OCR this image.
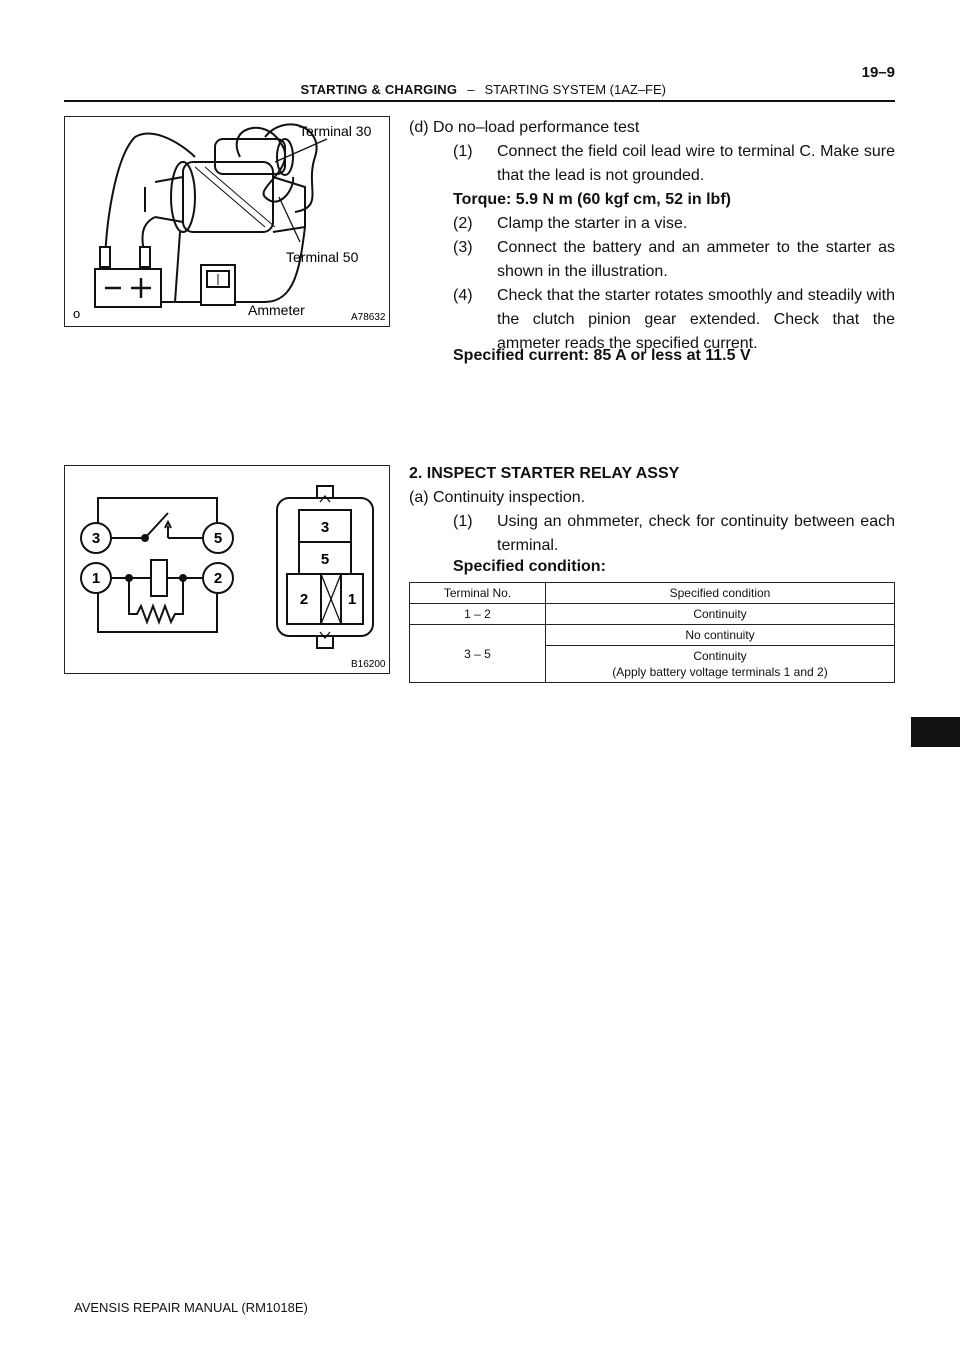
19–9
STARTING & CHARGING – STARTING SYSTEM (1AZ–FE)
o
Terminal 30
Terminal 50
Ammeter	A78632
3	5
1	2
3
5
2	1
B16200
(d) Do no–load performance test
(1) Connect the field coil lead wire to terminal C. Make sure that the lead is not grounded.
Torque: 5.9 N m (60 kgf cm, 52 in lbf)
(2) Clamp the starter in a vise.
(3) Connect the battery and an ammeter to the starter as shown in the illustration.
(4) Check that the starter rotates smoothly and steadily with the clutch pinion gear extended. Check that the ammeter reads the specified current.
Specified current: 85 A or less at 11.5 V
2. INSPECT STARTER RELAY ASSY
(a) Continuity inspection.
(1) Using an ohmmeter, check for continuity between each terminal.
Specified condition:
Terminal No.	Specified condition
1 – 2	Continuity
3 – 5	No continuity

	Continuity
(Apply battery voltage terminals 1 and 2)
AVENSIS REPAIR MANUAL (RM1018E)
